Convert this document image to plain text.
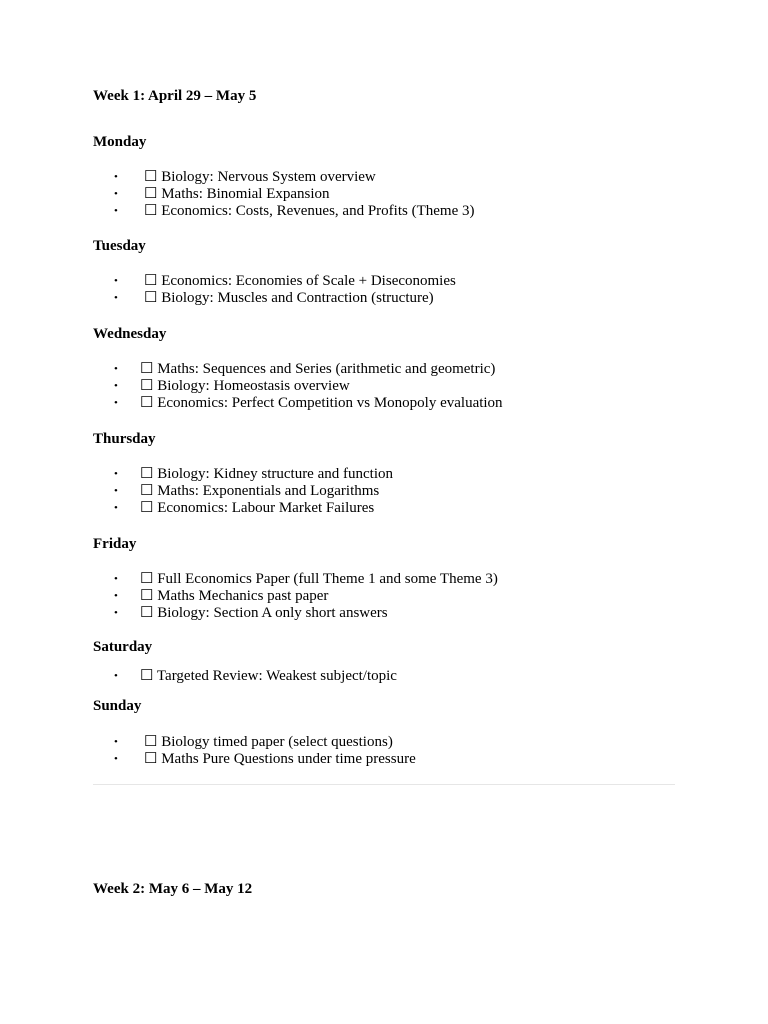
Week 1: April 29 – May 5
Monday
• ☐ Biology: Nervous System overview
• ☐ Maths: Binomial Expansion
• ☐ Economics: Costs, Revenues, and Profits (Theme 3)
Tuesday
• ☐ Economics: Economies of Scale + Diseconomies
• ☐ Biology: Muscles and Contraction (structure)
Wednesday
• ☐ Maths: Sequences and Series (arithmetic and geometric)
• ☐ Biology: Homeostasis overview
• ☐ Economics: Perfect Competition vs Monopoly evaluation
Thursday
• ☐ Biology: Kidney structure and function
• ☐ Maths: Exponentials and Logarithms
• ☐ Economics: Labour Market Failures
Friday
• ☐ Full Economics Paper (full Theme 1 and some Theme 3)
• ☐ Maths Mechanics past paper
• ☐ Biology: Section A only short answers
Saturday
• ☐ Targeted Review: Weakest subject/topic
Sunday
• ☐ Biology timed paper (select questions)
• ☐ Maths Pure Questions under time pressure
Week 2: May 6 – May 12
